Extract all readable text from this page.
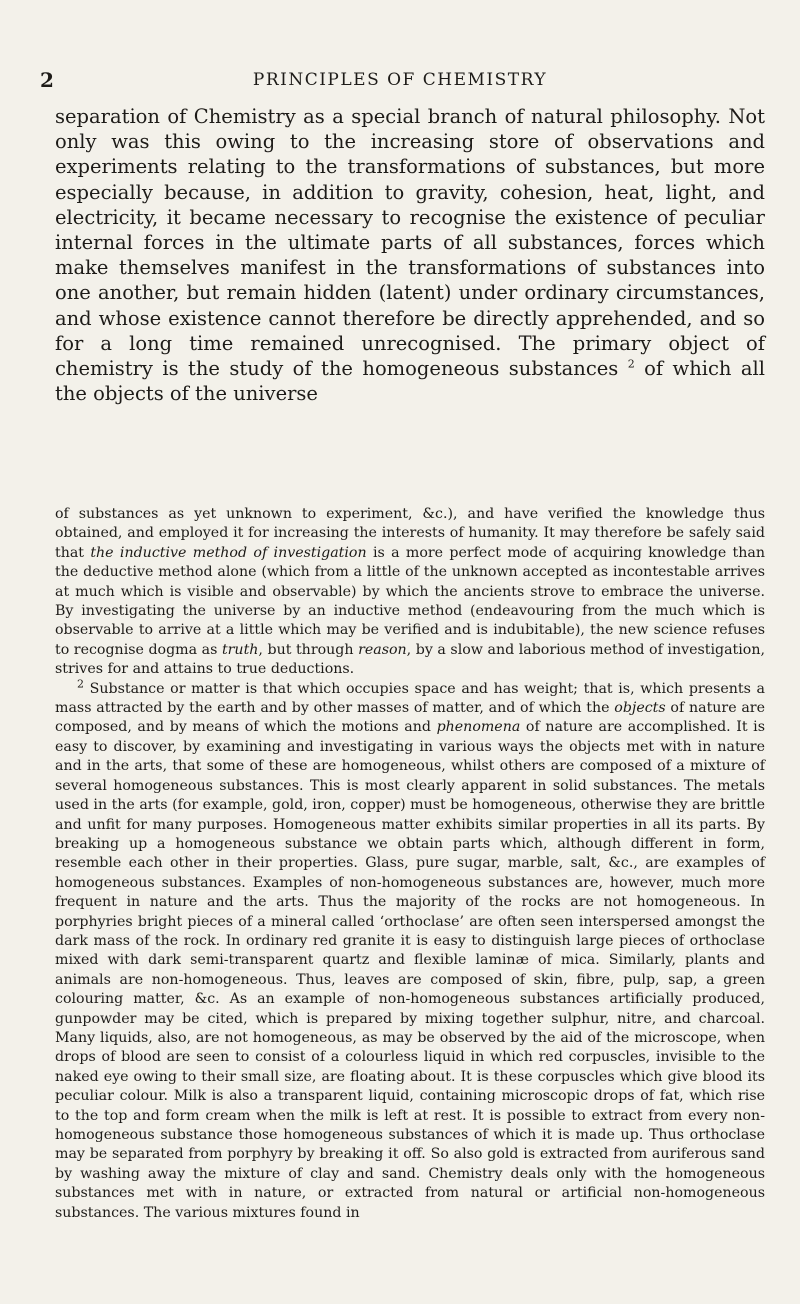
2	PRINCIPLES OF CHEMISTRY

separation of Chemistry as a special branch of natural philosophy. Not only was this owing to the increasing store of observations and experiments relating to the transformations of substances, but more especially because, in addition to gravity, cohesion, heat, light, and electricity, it became necessary to recognise the existence of peculiar internal forces in the ultimate parts of all substances, forces which make themselves manifest in the transformations of substances into one another, but remain hidden (latent) under ordinary circumstances, and whose existence cannot therefore be directly apprehended, and so for a long time remained unrecognised. The primary object of chemistry is the study of the homogeneous substances $^2$ of which all the objects of the universe

of substances as yet unknown to experiment, &c.), and have verified the knowledge thus obtained, and employed it for increasing the interests of humanity. It may therefore be safely said that the inductive method of investigation is a more perfect mode of acquiring knowledge than the deductive method alone (which from a little of the unknown accepted as incontestable arrives at much which is visible and observable) by which the ancients strove to embrace the universe. By investigating the universe by an inductive method (endeavouring from the much which is observable to arrive at a little which may be verified and is indubitable), the new science refuses to recognise dogma as truth, but through reason, by a slow and laborious method of investigation, strives for and attains to true deductions.

$^2$ Substance or matter is that which occupies space and has weight; that is, which presents a mass attracted by the earth and by other masses of matter, and of which the objects of nature are composed, and by means of which the motions and phenomena of nature are accomplished. It is easy to discover, by examining and investigating in various ways the objects met with in nature and in the arts, that some of these are homogeneous, whilst others are composed of a mixture of several homogeneous substances. This is most clearly apparent in solid substances. The metals used in the arts (for example, gold, iron, copper) must be homogeneous, otherwise they are brittle and unfit for many purposes. Homogeneous matter exhibits similar properties in all its parts. By breaking up a homogeneous substance we obtain parts which, although different in form, resemble each other in their properties. Glass, pure sugar, marble, salt, &c., are examples of homogeneous substances. Examples of non-homogeneous substances are, however, much more frequent in nature and the arts. Thus the majority of the rocks are not homogeneous. In porphyries bright pieces of a mineral called ‘orthoclase’ are often seen interspersed amongst the dark mass of the rock. In ordinary red granite it is easy to distinguish large pieces of orthoclase mixed with dark semi-transparent quartz and flexible laminæ of mica. Similarly, plants and animals are non-homogeneous. Thus, leaves are composed of skin, fibre, pulp, sap, a green colouring matter, &c. As an example of non-homogeneous substances artificially produced, gunpowder may be cited, which is prepared by mixing together sulphur, nitre, and charcoal. Many liquids, also, are not homogeneous, as may be observed by the aid of the microscope, when drops of blood are seen to consist of a colourless liquid in which red corpuscles, invisible to the naked eye owing to their small size, are floating about. It is these corpuscles which give blood its peculiar colour. Milk is also a transparent liquid, containing microscopic drops of fat, which rise to the top and form cream when the milk is left at rest. It is possible to extract from every non-homogeneous substance those homogeneous substances of which it is made up. Thus orthoclase may be separated from porphyry by breaking it off. So also gold is extracted from auriferous sand by washing away the mixture of clay and sand. Chemistry deals only with the homogeneous substances met with in nature, or extracted from natural or artificial non-homogeneous substances. The various mixtures found in
